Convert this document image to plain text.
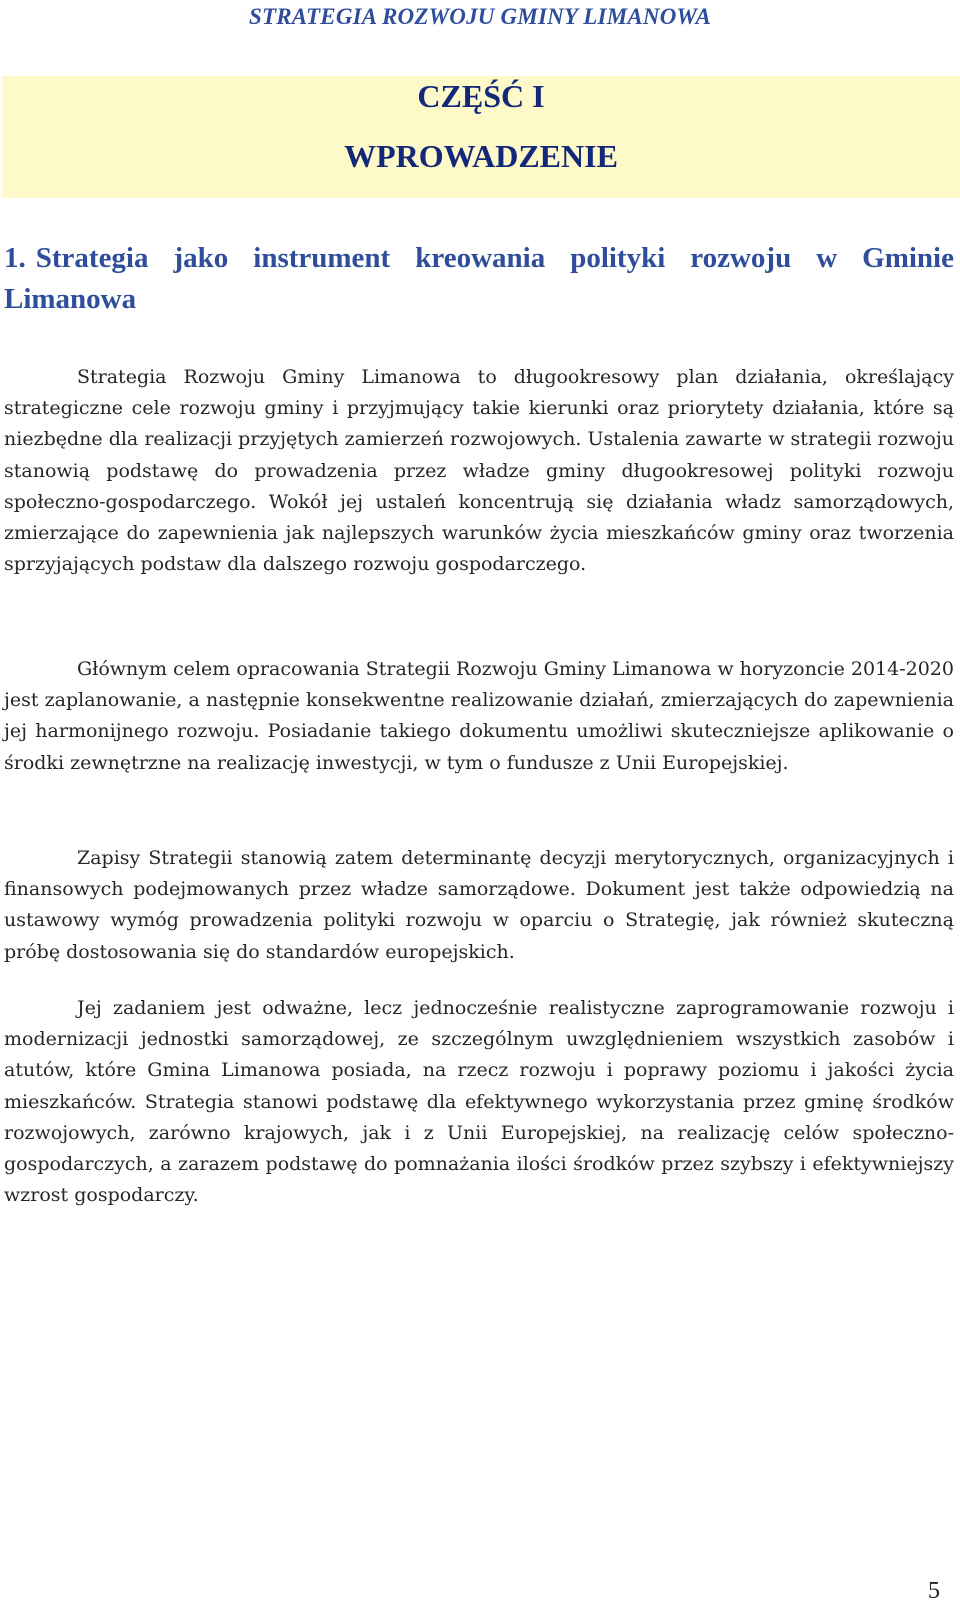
STRATEGIA ROZWOJU GMINY LIMANOWA
CZĘŚĆ I
WPROWADZENIE
1. Strategia jako instrument kreowania polityki rozwoju w Gminie Limanowa

Strategia Rozwoju Gminy Limanowa to długookresowy plan działania, określający strategiczne cele rozwoju gminy i przyjmujący takie kierunki oraz priorytety działania, które są niezbędne dla realizacji przyjętych zamierzeń rozwojowych. Ustalenia zawarte w strategii rozwoju stanowią podstawę do prowadzenia przez władze gminy długookresowej polityki rozwoju społeczno-gospodarczego. Wokół jej ustaleń koncentrują się działania władz samorządowych, zmierzające do zapewnienia jak najlepszych warunków życia mieszkańców gminy oraz tworzenia sprzyjających podstaw dla dalszego rozwoju gospodarczego.

Głównym celem opracowania Strategii Rozwoju Gminy Limanowa w horyzoncie 2014-2020 jest zaplanowanie, a następnie konsekwentne realizowanie działań, zmierzających do zapewnienia jej harmonijnego rozwoju. Posiadanie takiego dokumentu umożliwi skuteczniejsze aplikowanie o środki zewnętrzne na realizację inwestycji, w tym o fundusze z Unii Europejskiej.

Zapisy Strategii stanowią zatem determinantę decyzji merytorycznych, organizacyjnych i finansowych podejmowanych przez władze samorządowe. Dokument jest także odpowiedzią na ustawowy wymóg prowadzenia polityki rozwoju w oparciu o Strategię, jak również skuteczną próbę dostosowania się do standardów europejskich.

Jej zadaniem jest odważne, lecz jednocześnie realistyczne zaprogramowanie rozwoju i modernizacji jednostki samorządowej, ze szczególnym uwzględnieniem wszystkich zasobów i atutów, które Gmina Limanowa posiada, na rzecz rozwoju i poprawy poziomu i jakości życia mieszkańców. Strategia stanowi podstawę dla efektywnego wykorzystania przez gminę środków rozwojowych, zarówno krajowych, jak i z Unii Europejskiej, na realizację celów społeczno-gospodarczych, a zarazem podstawę do pomnażania ilości środków przez szybszy i efektywniejszy wzrost gospodarczy.

5
